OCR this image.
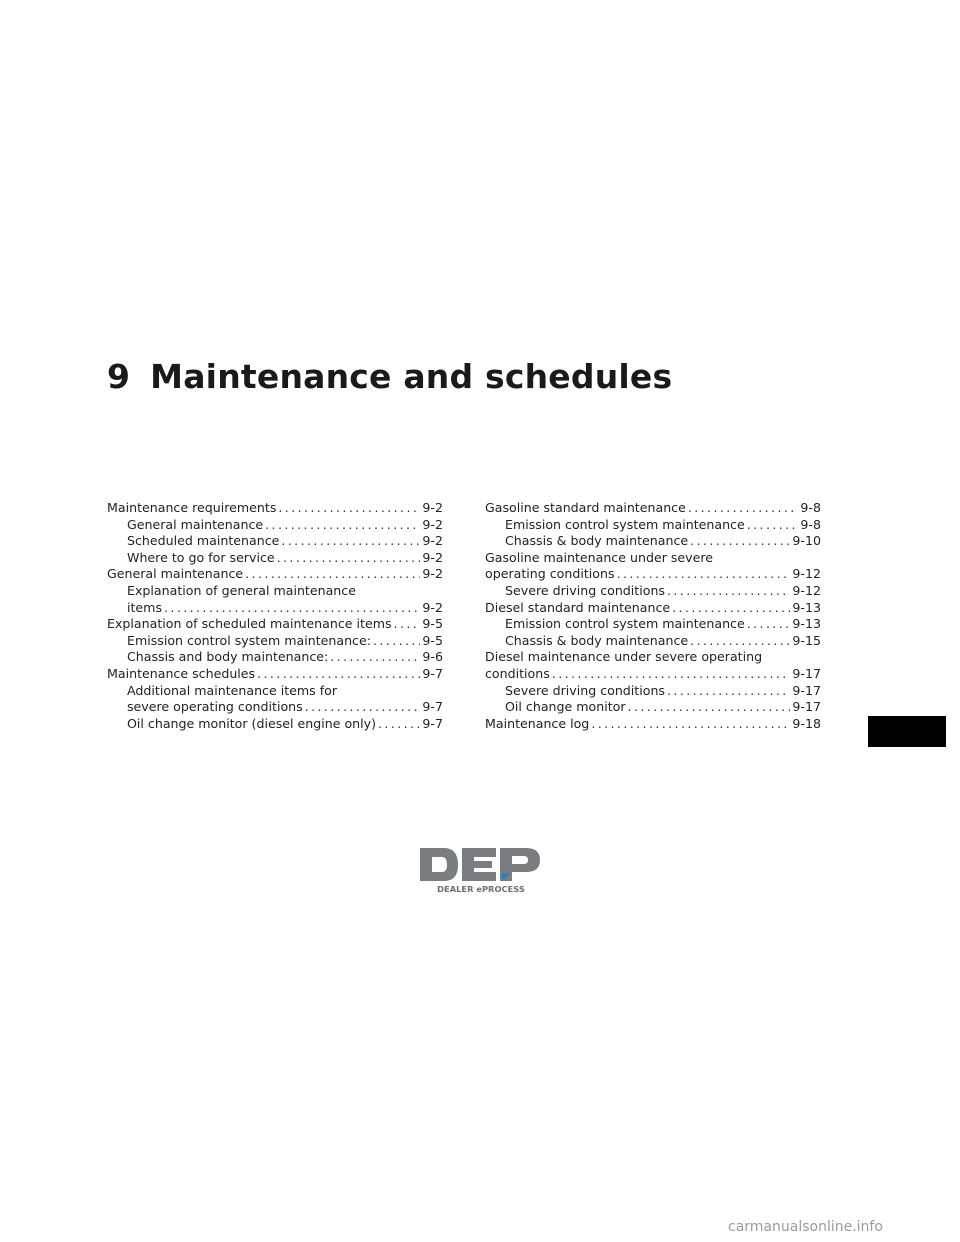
9 Maintenance and schedules
Maintenance requirements .....	9-2
General maintenance .....	9-2
Scheduled maintenance .....	9-2
Where to go for service .....	9-2
General maintenance .....	9-2
Explanation of general maintenance
items .....	9-2
Explanation of scheduled maintenance items ..... 9-5
Emission control system maintenance: .....	9-5
Chassis and body maintenance: .....	9-6
Maintenance schedules .....	9-7
Additional maintenance items for
severe operating conditions .....	9-7
Oil change monitor (diesel engine only) .....	9-7
Gasoline standard maintenance .....	9-8
Emission control system maintenance .....	9-8
Chassis & body maintenance .....	9-10
Gasoline maintenance under severe
operating conditions .....	9-12
Severe driving conditions .....	9-12
Diesel standard maintenance .....	9-13
Emission control system maintenance .....	9-13
Chassis & body maintenance .....	9-15
Diesel maintenance under severe operating
conditions .....	9-17
Severe driving conditions .....	9-17
Oil change monitor .....	9-17
Maintenance log .....	9-18
DEALER ePROCESS
carmanualsonline.info
